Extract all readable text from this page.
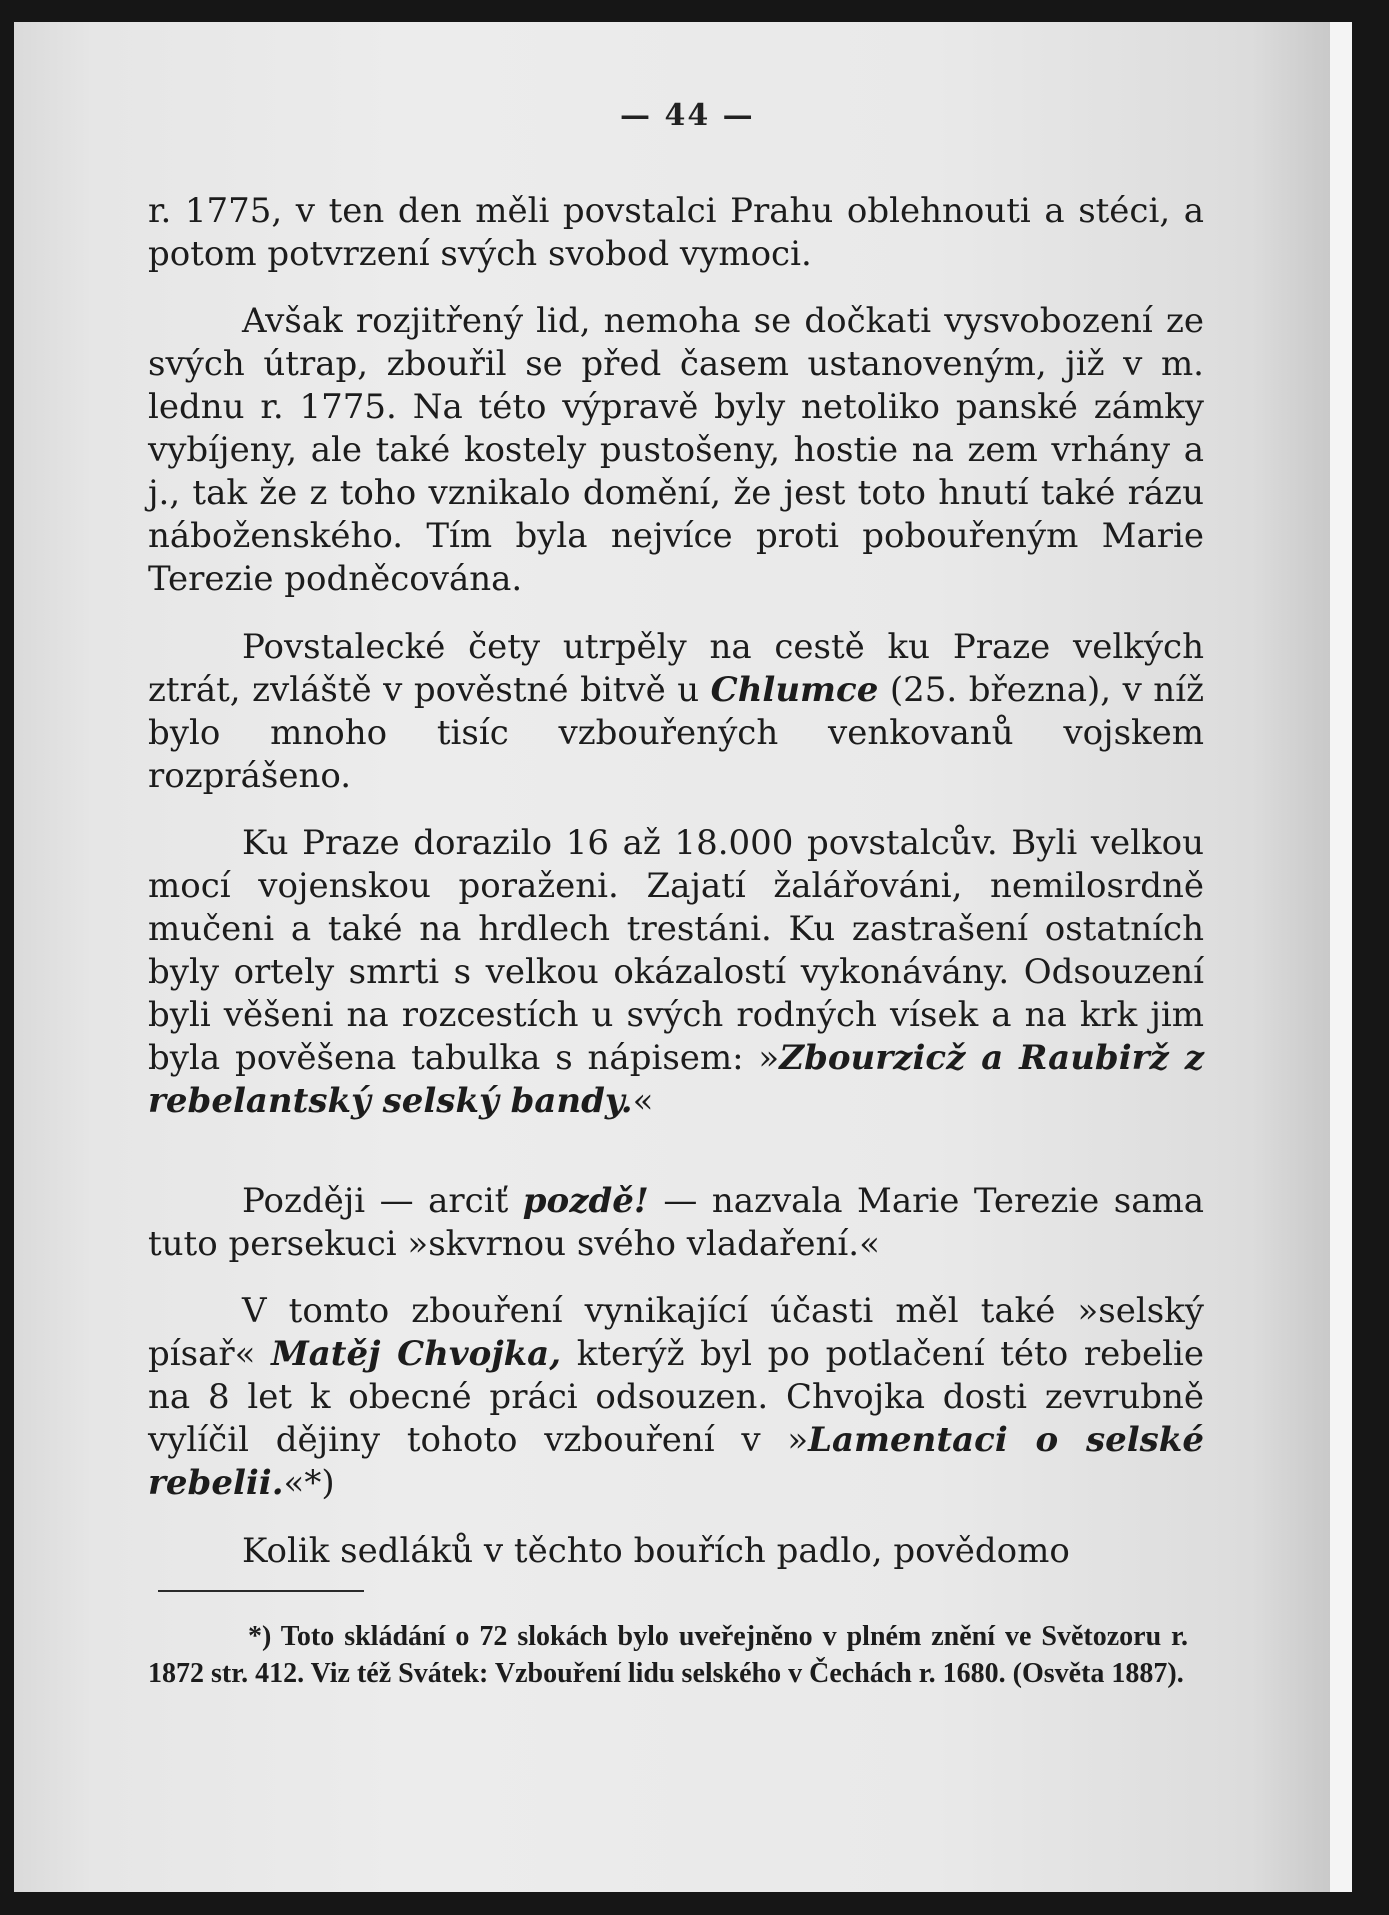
— 44 —

r. 1775, v ten den měli povstalci Prahu oblehnouti a stéci, a potom potvrzení svých svobod vymoci.

Avšak rozjitřený lid, nemoha se dočkati vysvobození ze svých útrap, zbouřil se před časem ustanoveným, již v m. lednu r. 1775. Na této výpravě byly netoliko panské zámky vybíjeny, ale také kostely pustošeny, hostie na zem vrhány a j., tak že z toho vznikalo domění, že jest toto hnutí také rázu náboženského. Tím byla nejvíce proti pobouřeným Marie Terezie podněcována.

Povstalecké čety utrpěly na cestě ku Praze velkých ztrát, zvláště v pověstné bitvě u Chlumce (25. března), v níž bylo mnoho tisíc vzbouřených venkovanů vojskem rozprášeno.

Ku Praze dorazilo 16 až 18.000 povstalcův. Byli velkou mocí vojenskou poraženi. Zajatí žalářováni, nemilosrdně mučeni a také na hrdlech trestáni. Ku zastrašení ostatních byly ortely smrti s velkou okázalostí vykonávány. Odsouzení byli věšeni na rozcestích u svých rodných vísek a na krk jim byla pověšena tabulka s nápisem: »Zbourzicž a Raubirž z rebelantský selský bandy.«

Později — arciť pozdě! — nazvala Marie Terezie sama tuto persekuci »skvrnou svého vladaření.«

V tomto zbouření vynikající účasti měl také »selský písař« Matěj Chvojka, kterýž byl po potlačení této rebelie na 8 let k obecné práci odsouzen. Chvojka dosti zevrubně vylíčil dějiny tohoto vzbouření v »Lamentaci o selské rebelii.«*)

Kolik sedláků v těchto bouřích padlo, povědomo

*) Toto skládání o 72 slokách bylo uveřejněno v plném znění ve Světozoru r. 1872 str. 412. Viz též Svátek: Vzbouření lidu selského v Čechách r. 1680. (Osvěta 1887).
